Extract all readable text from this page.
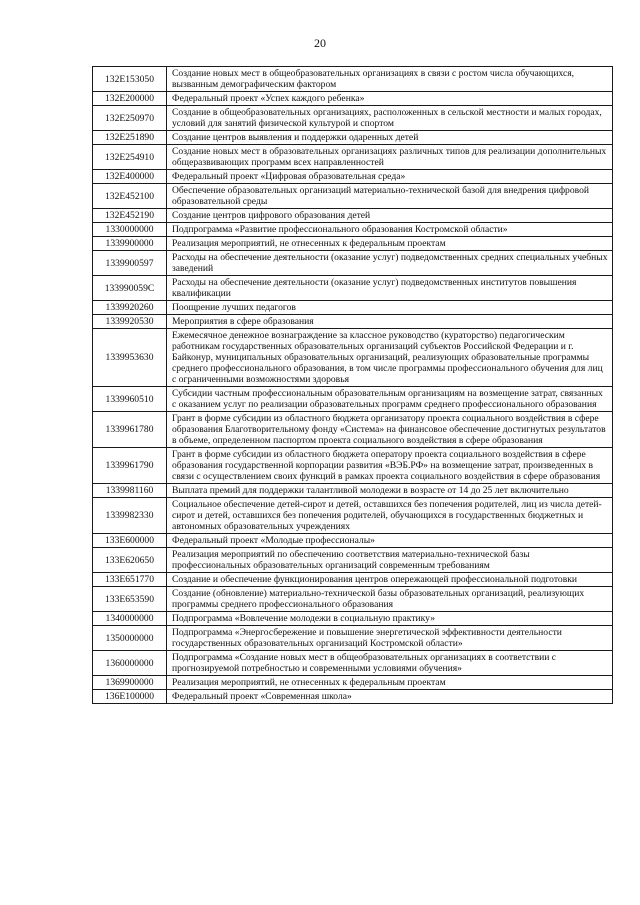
20
132E153050	Создание новых мест в общеобразовательных организациях в связи с ростом числа обучающихся, вызванным демографическим фактором
132E200000	Федеральный проект «Успех каждого ребенка»
132E250970	Создание в общеобразовательных организациях, расположенных в сельской местности и малых городах, условий для занятий физической культурой и спортом
132E251890	Создание центров выявления и поддержки одаренных детей
132E254910	Создание новых мест в образовательных организациях различных типов для реализации дополнительных общеразвивающих программ всех направленностей
132E400000	Федеральный проект «Цифровая образовательная среда»
132E452100	Обеспечение образовательных организаций материально-технической базой для внедрения цифровой образовательной среды
132E452190	Создание центров цифрового образования детей
1330000000	Подпрограмма «Развитие профессионального образования Костромской области»
1339900000	Реализация мероприятий, не отнесенных к федеральным проектам
1339900597	Расходы на обеспечение деятельности (оказание услуг) подведомственных средних специальных учебных заведений
133990059С	Расходы на обеспечение деятельности (оказание услуг) подведомственных институтов повышения квалификации
1339920260	Поощрение лучших педагогов
1339920530	Мероприятия в сфере образования
1339953630	Ежемесячное денежное вознаграждение за классное руководство (кураторство) педагогическим работникам государственных образовательных организаций субъектов Российской Федерации и г. Байконур, муниципальных образовательных организаций, реализующих образовательные программы среднего профессионального образования, в том числе программы профессионального обучения для лиц с ограниченными возможностями здоровья
1339960510	Субсидии частным профессиональным образовательным организациям на возмещение затрат, связанных с оказанием услуг по реализации образовательных программ среднего профессионального образования
1339961780	Грант в форме субсидии из областного бюджета организатору проекта социального воздействия в сфере образования Благотворительному фонду «Система» на финансовое обеспечение достигнутых результатов в объеме, определенном паспортом проекта социального воздействия в сфере образования
1339961790	Грант в форме субсидии из областного бюджета оператору проекта социального воздействия в сфере образования государственной корпорации развития «ВЭБ.РФ» на возмещение затрат, произведенных в связи с осуществлением своих функций в рамках проекта социального воздействия в сфере образования
1339981160	Выплата премий для поддержки талантливой молодежи в возрасте от 14 до 25 лет включительно
1339982330	Социальное обеспечение детей-сирот и детей, оставшихся без попечения родителей, лиц из числа детей-сирот и детей, оставшихся без попечения родителей, обучающихся в государственных бюджетных и автономных образовательных учреждениях
133E600000	Федеральный проект «Молодые профессионалы»
133E620650	Реализация мероприятий по обеспечению соответствия материально-технической базы профессиональных образовательных организаций современным требованиям
133E651770	Создание и обеспечение функционирования центров опережающей профессиональной подготовки
133E653590	Создание (обновление) материально-технической базы образовательных организаций, реализующих программы среднего профессионального образования
1340000000	Подпрограмма «Вовлечение молодежи в социальную практику»
1350000000	Подпрограмма «Энергосбережение и повышение энергетической эффективности деятельности государственных образовательных организаций Костромской области»
1360000000	Подпрограмма «Создание новых мест в общеобразовательных организациях в соответствии с прогнозируемой потребностью и современными условиями обучения»
1369900000	Реализация мероприятий, не отнесенных к федеральным проектам
136E100000	Федеральный проект «Современная школа»
